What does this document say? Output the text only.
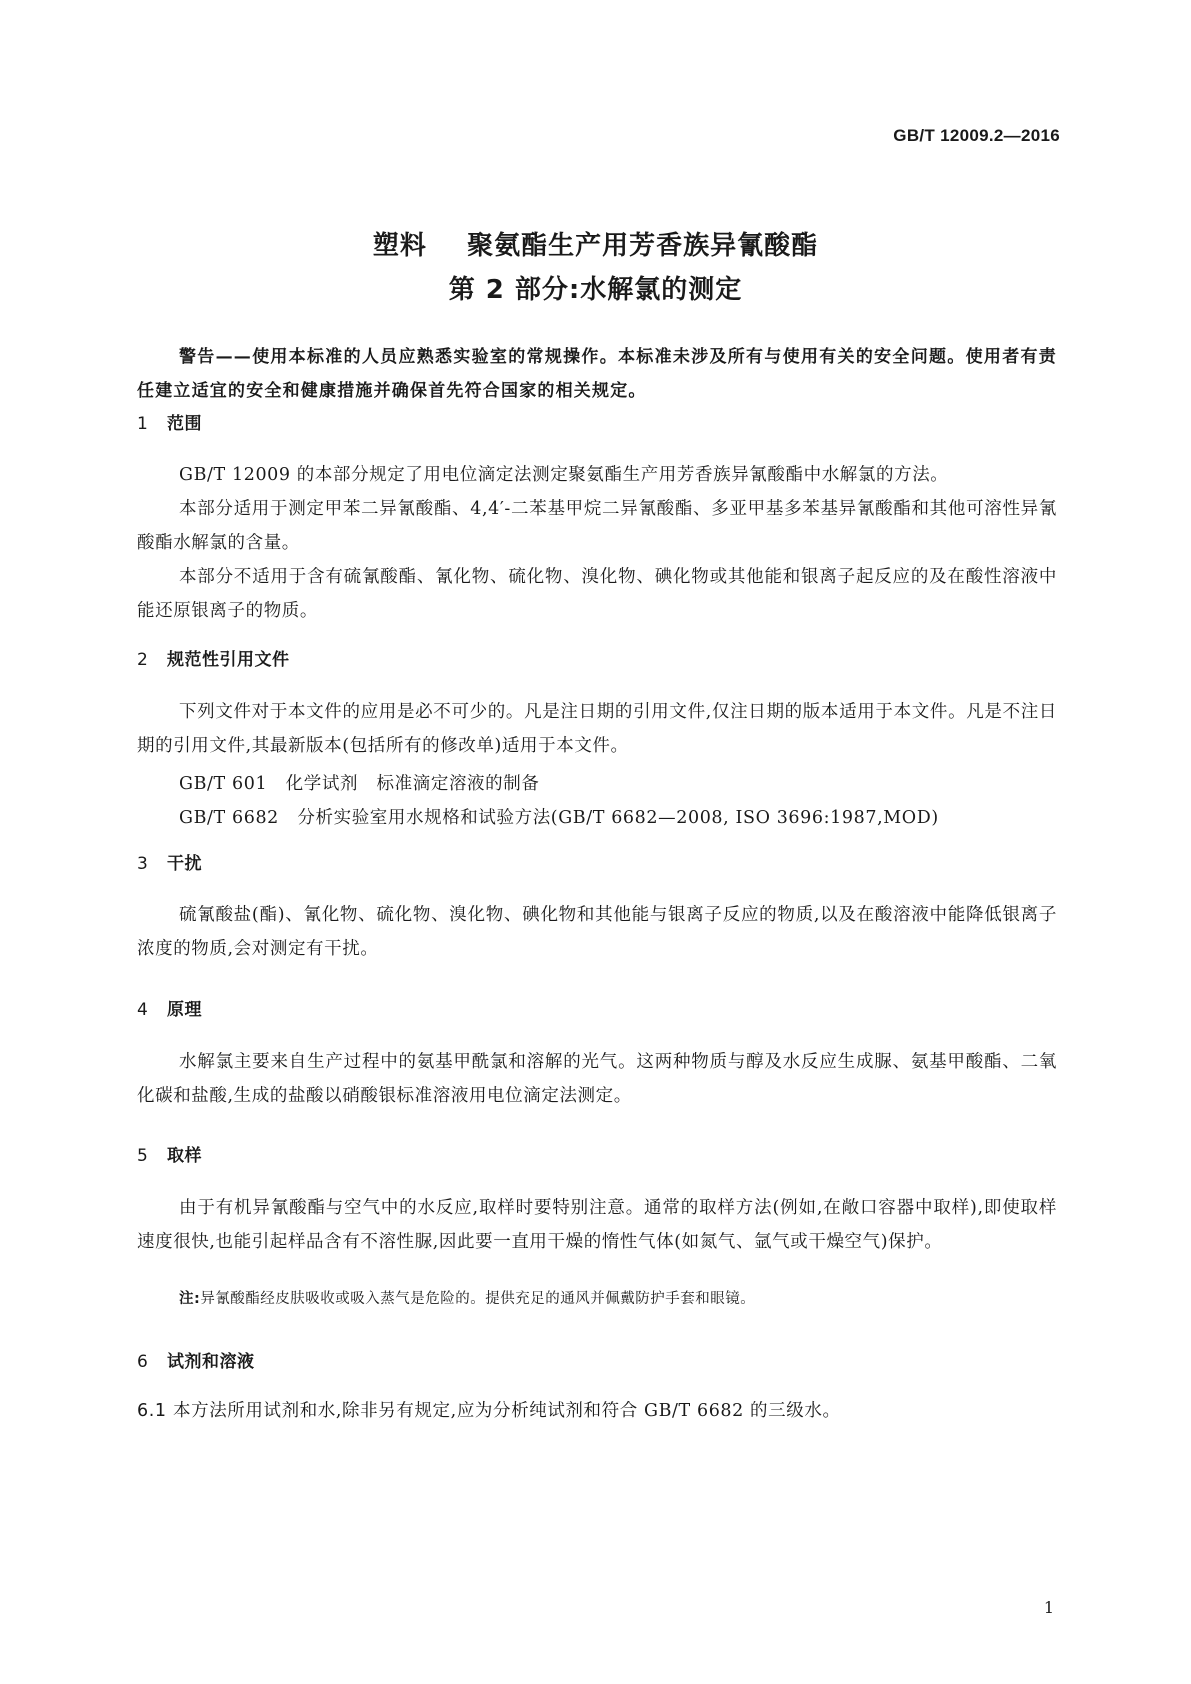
GB/T 12009.2—2016
塑料    聚氨酯生产用芳香族异氰酸酯
第 2 部分:水解氯的测定
警告——使用本标准的人员应熟悉实验室的常规操作。本标准未涉及所有与使用有关的安全问题。使用者有责任建立适宜的安全和健康措施并确保首先符合国家的相关规定。
1 范围
GB/T 12009 的本部分规定了用电位滴定法测定聚氨酯生产用芳香族异氰酸酯中水解氯的方法。
本部分适用于测定甲苯二异氰酸酯、4,4′-二苯基甲烷二异氰酸酯、多亚甲基多苯基异氰酸酯和其他可溶性异氰酸酯水解氯的含量。
本部分不适用于含有硫氰酸酯、氰化物、硫化物、溴化物、碘化物或其他能和银离子起反应的及在酸性溶液中能还原银离子的物质。
2 规范性引用文件
下列文件对于本文件的应用是必不可少的。凡是注日期的引用文件,仅注日期的版本适用于本文件。凡是不注日期的引用文件,其最新版本(包括所有的修改单)适用于本文件。
GB/T 601   化学试剂   标准滴定溶液的制备
GB/T 6682   分析实验室用水规格和试验方法(GB/T 6682—2008, ISO 3696:1987,MOD)
3 干扰
硫氰酸盐(酯)、氰化物、硫化物、溴化物、碘化物和其他能与银离子反应的物质,以及在酸溶液中能降低银离子浓度的物质,会对测定有干扰。
4 原理
水解氯主要来自生产过程中的氨基甲酰氯和溶解的光气。这两种物质与醇及水反应生成脲、氨基甲酸酯、二氧化碳和盐酸,生成的盐酸以硝酸银标准溶液用电位滴定法测定。
5 取样
由于有机异氰酸酯与空气中的水反应,取样时要特别注意。通常的取样方法(例如,在敞口容器中取样),即使取样速度很快,也能引起样品含有不溶性脲,因此要一直用干燥的惰性气体(如氮气、氩气或干燥空气)保护。
注:异氰酸酯经皮肤吸收或吸入蒸气是危险的。提供充足的通风并佩戴防护手套和眼镜。
6 试剂和溶液
6.1 本方法所用试剂和水,除非另有规定,应为分析纯试剂和符合 GB/T 6682 的三级水。
1
